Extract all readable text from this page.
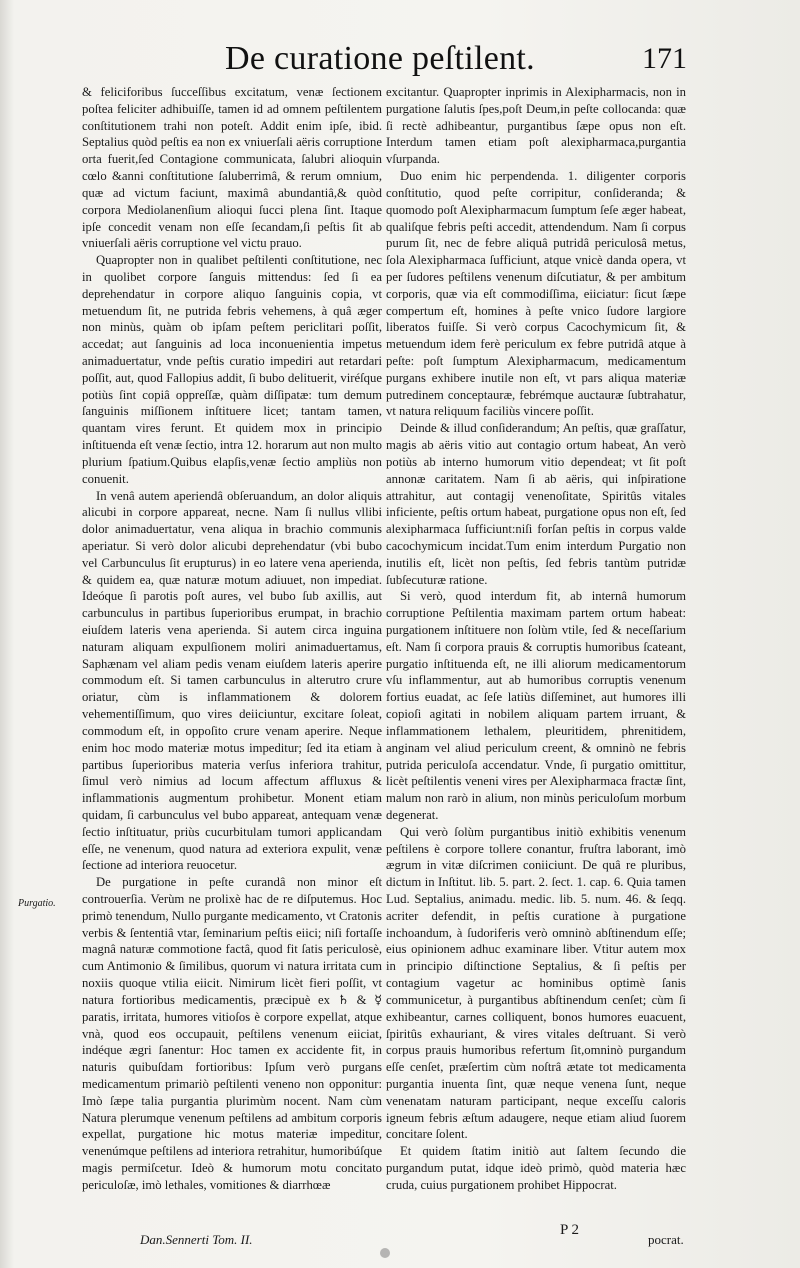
De curatione peſtilent.	171

& feliciforibus ſucceſſibus excitatum, venæ ſectionem poſtea feliciter adhibuiſſe, tamen id ad omnem peſtilentem conſtitutionem trahi non poteſt. Addit enim ipſe, ibid. Septalius quòd peſtis ea non ex vniuerſali aëris corruptione orta fuerit,ſed Contagione communicata, ſalubri alioquin cœlo &anni conſtitutione ſaluberrimâ, & rerum omnium, quæ ad victum faciunt, maximâ abundantiâ,& quòd corpora Mediolanenſium alioqui ſucci plena ſint. Itaque ipſe concedit venam non eſſe ſecandam,ſi peſtis ſit ab vniuerſali aëris corruptione vel victu prauo.

Quapropter non in qualibet peſtilenti conſtitutione, nec in quolibet corpore ſanguis mittendus: ſed ſi ea deprehendatur in corpore aliquo ſanguinis copia, vt metuendum ſit, ne putrida febris vehemens, à quâ æger non minùs, quàm ob ipſam peſtem periclitari poſſit, accedat; aut ſanguinis ad loca inconuenientia impetus animaduertatur, vnde peſtis curatio impediri aut retardari poſſit, aut, quod Fallopius addit, ſi bubo delituerit, viréſque potiùs ſint copiâ oppreſſæ, quàm diſſipatæ: tum demum ſanguinis miſſionem inſtituere licet; tantam tamen, quantam vires ferunt. Et quidem mox in principio inſtituenda eſt venæ ſectio, intra 12. horarum aut non multo plurium ſpatium.Quibus elapſis,venæ ſectio ampliùs non conuenit.

In venâ autem aperiendâ obſeruandum, an dolor aliquis alicubi in corpore appareat, necne. Nam ſi nullus vllibi dolor animaduertatur, vena aliqua in brachio communis aperiatur. Si verò dolor alicubi deprehendatur (vbi bubo vel Carbunculus ſit erupturus) in eo latere vena aperienda, & quidem ea, quæ naturæ motum adiuuet, non impediat. Ideóque ſi parotis poſt aures, vel bubo ſub axillis, aut carbunculus in partibus ſuperioribus erumpat, in brachio eiuſdem lateris vena aperienda. Si autem circa inguina naturam aliquam expulſionem moliri animaduertamus, Saphænam vel aliam pedis venam eiuſdem lateris aperire commodum eſt. Si tamen carbunculus in alterutro crure oriatur, cùm is inflammationem & dolorem vehementiſſimum, quo vires deiiciuntur, excitare ſoleat, commodum eſt, in oppoſito crure venam aperire. Neque enim hoc modo materiæ motus impeditur; ſed ita etiam à partibus ſuperioribus materia verſus inferiora trahitur, ſimul verò nimius ad locum affectum affluxus & inflammationis augmentum prohibetur. Monent etiam quidam, ſi carbunculus vel bubo appareat, antequam venæ ſectio inſtituatur, priùs cucurbitulam tumori applicandam eſſe, ne venenum, quod natura ad exteriora expulit, venæ ſectione ad interiora reuocetur.

De purgatione in peſte curandâ non minor eſt controuerſia. Verùm ne prolixè hac de re diſputemus. Hoc primò tenendum, Nullo purgante medicamento, vt Cratonis verbis & ſententiâ vtar, ſeminarium peſtis eiici; niſi fortaſſe magnâ naturæ commotione factâ, quod fit ſatis periculosè, cum Antimonio & ſimilibus, quorum vi natura irritata cum noxiis quoque vtilia eiicit. Nimirum licèt fieri poſſit, vt natura fortioribus medicamentis, præcipuè ex ♄ & ☿ paratis, irritata, humores vitioſos è corpore expellat, atque vnà, quod eos occupauit, peſtilens venenum eiiciat, indéque ægri ſanentur: Hoc tamen ex accidente fit, in naturis quibuſdam fortioribus: Ipſum verò purgans medicamentum primariò peſtilenti veneno non opponitur: Imò ſæpe talia purgantia plurimùm nocent. Nam cùm Natura plerumque venenum peſtilens ad ambitum corporis expellat, purgatione hic motus materiæ impeditur, venenúmque peſtilens ad interiora retrahitur, humoribúſque magis permiſcetur. Ideò & humorum motu concitato periculoſæ, imò lethales, vomitiones & diarrhœæ

excitantur. Quapropter inprimis in Alexipharmacis, non in purgatione ſalutis ſpes,poſt Deum,in peſte collocanda: quæ ſi rectè adhibeantur, purgantibus ſæpe opus non eſt. Interdum tamen etiam poſt alexipharmaca,purgantia vſurpanda.

Duo enim hic perpendenda. 1. diligenter corporis conſtitutio, quod peſte corripitur, conſideranda; & quomodo poſt Alexipharmacum ſumptum ſeſe æger habeat, qualiſque febris peſti accedit, attendendum. Nam ſi corpus purum ſit, nec de febre aliquâ putridâ periculosâ metus, ſola Alexipharmaca ſufficiunt, atque vnicè danda opera, vt per ſudores peſtilens venenum diſcutiatur, & per ambitum corporis, quæ via eſt commodiſſima, eiiciatur: ſicut ſæpe compertum eſt, homines à peſte vnico ſudore largiore liberatos fuiſſe. Si verò corpus Cacochymicum ſit, & metuendum idem ferè periculum ex febre putridâ atque à peſte: poſt ſumptum Alexipharmacum, medicamentum purgans exhibere inutile non eſt, vt pars aliqua materiæ putredinem conceptauræ, febrémque auctauræ ſubtrahatur, vt natura reliquum faciliùs vincere poſſit.

Deinde & illud conſiderandum; An peſtis, quæ graſſatur, magis ab aëris vitio aut contagio ortum habeat, An verò potiùs ab interno humorum vitio dependeat; vt ſit poſt annonæ caritatem. Nam ſi ab aëris, qui inſpiratione attrahitur, aut contagij venenoſitate, Spiritûs vitales inficiente, peſtis ortum habeat, purgatione opus non eſt, ſed alexipharmaca ſufficiunt:niſi forſan peſtis in corpus valde cacochymicum incidat.Tum enim interdum Purgatio non inutilis eſt, licèt non peſtis, ſed febris tantùm putridæ ſubſecuturæ ratione.

Si verò, quod interdum fit, ab internâ humorum corruptione Peſtilentia maximam partem ortum habeat: purgationem inſtituere non ſolùm vtile, ſed & neceſſarium eſt. Nam ſi corpora prauis & corruptis humoribus ſcateant, purgatio inſtituenda eſt, ne illi aliorum medicamentorum vſu inflammentur, aut ab humoribus corruptis venenum fortius euadat, ac ſeſe latiùs diſſeminet, aut humores illi copioſi agitati in nobilem aliquam partem irruant, & inflammationem lethalem, pleuritidem, phrenitidem, anginam vel aliud periculum creent, & omninò ne febris putrida periculoſa accendatur. Vnde, ſi purgatio omittitur, licèt peſtilentis veneni vires per Alexipharmaca fractæ ſint, malum non rarò in alium, non minùs periculoſum morbum degenerat.

Qui verò ſolùm purgantibus initiò exhibitis venenum peſtilens è corpore tollere conantur, fruſtra laborant, imò ægrum in vitæ diſcrimen coniiciunt. De quâ re pluribus, dictum in Inſtitut. lib. 5. part. 2. ſect. 1. cap. 6. Quia tamen Lud. Septalius, animadu. medic. lib. 5. num. 46. & ſeqq. acriter defendit, in peſtis curatione à purgatione inchoandum, à ſudoriferis verò omninò abſtinendum eſſe; eius opinionem adhuc examinare liber. Vtitur autem mox in principio diſtinctione Septalius, & ſi peſtis per contagium vagetur ac hominibus optimè ſanis communicetur, à purgantibus abſtinendum cenſet; cùm ſi exhibeantur, carnes colliquent, bonos humores euacuent, ſpiritûs exhauriant, & vires vitales deſtruant. Si verò corpus prauis humoribus refertum ſit,omninò purgandum eſſe cenſet, præſertim cùm noſtrâ ætate tot medicamenta purgantia inuenta ſint, quæ neque venena ſunt, neque venenatam naturam participant, neque exceſſu caloris igneum febris æſtum adaugere, neque etiam aliud ſuorem concitare ſolent.

Et quidem ſtatim initiò aut ſaltem ſecundo die purgandum putat, idque ideò primò, quòd materia hæc cruda, cuius purgationem prohibet Hippocrat.

Purgatio.
Dan.Sennerti Tom. II.
P 2
pocrat.
